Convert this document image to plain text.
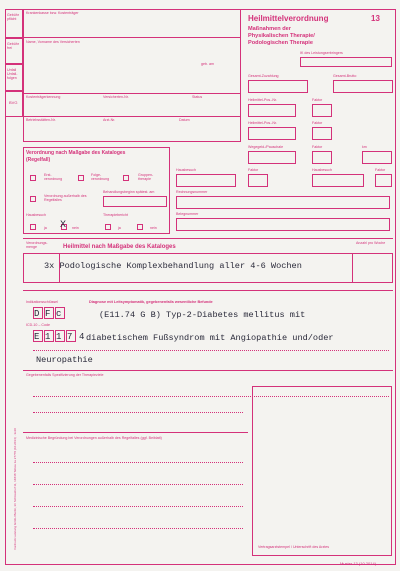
Gebühr pflicht
Gebühr frei
Unfall Unfall- folgen
BVG
Krankenkasse bzw. Kostenträger
Name, Vorname des Versicherten
geb. am
Kostenträgerkennung	Versicherten-Nr.	Status
Betriebsstätten-Nr.	Arzt-Nr.	Datum
Heilmittelverordnung	13
Maßnahmen der
Physikalischen Therapie/
Podologischen Therapie
IK des Leistungserbringers
Gesamt-Zuzahlung	Gesamt-Brutto
Heilmittel-Pos.-Nr.	Faktor
Heilmittel-Pos.-Nr.	Faktor
Wegegeld-/Pauschale	Faktor	km
Hausbesuch	Faktor	Hausbesuch	Faktor
Rechnungsnummer
Belegnummer
Verordnung nach Maßgabe des Kataloges
(Regelfall)
Erst- verordnung
Folge- verordnung
Gruppen- therapie
Verordnung außerhalb des Regelfalles
Behandlungsbeginn spätest. am
Hausbesuch	Therapiebericht
ja X nein	ja	nein
Verordnungs- menge	Heilmittel nach Maßgabe des Kataloges
Anzahl pro Woche
3x Podologische Komplexbehandlung aller 4-6 Wochen
Indikationsschlüssel	Diagnose mit Leitsymptomatik, gegebenenfalls wesentliche Befunde
D F c	(E11.74 G B) Typ-2-Diabetes mellitus mit
ICD-10 – Code
E 1 1 7 4 diabetischem Fußsyndrom mit Angiopathie und/oder
Neuropathie
Gegebenenfalls Spezifizierung der Therapieziele
Medizinische Begründung bei Verordnungen außerhalb des Regelfalles (ggf. Beiblatt)
Vertragsarztstempel / Unterschrift des Arztes
Muster 13 (10.2014)
Vordruck Leistung GmbH Berlin, Im Schlosshof 11, 14848 Teltow 1a 27770 (10.2014) · 3x10
